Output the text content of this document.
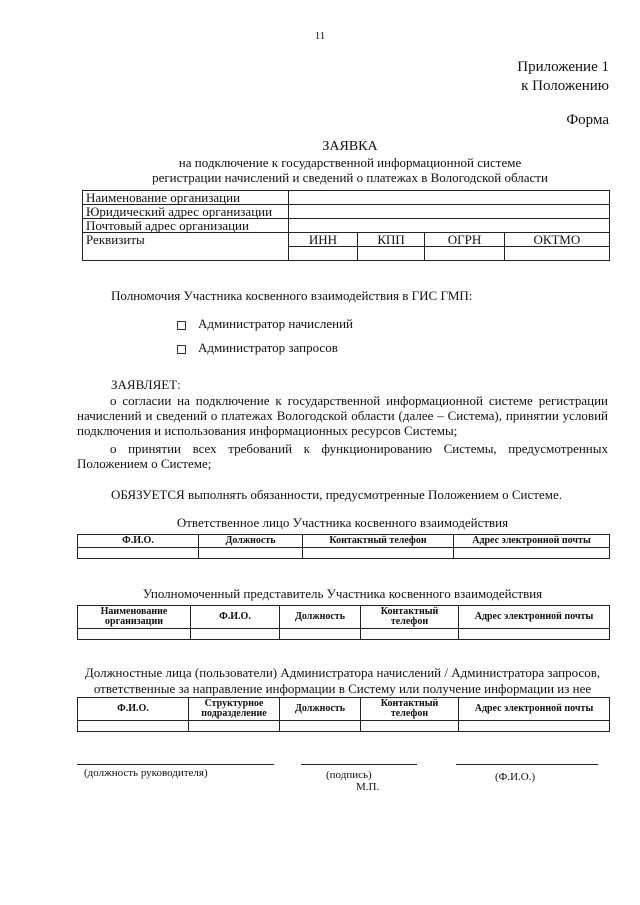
11
Приложение 1
к Положению
Форма
ЗАЯВКА
на подключение к государственной информационной системе
регистрации начислений и сведений о платежах в Вологодской области
Наименование организации				
Юридический адрес организации				
Почтовый адрес организации				
Реквизиты	ИНН	КПП	ОГРН	ОКТМО

Полномочия Участника косвенного взаимодействия в ГИС ГМП:
Администратор начислений
Администратор запросов
ЗАЯВЛЯЕТ:
о согласии на подключение к государственной информационной системе регистрации начислений и сведений о платежах Вологодской области (далее – Система), принятии условий подключения и использования информационных ресурсов Системы;
о принятии всех требований к функционированию Системы, предусмотренных Положением о Системе;
ОБЯЗУЕТСЯ выполнять обязанности, предусмотренные Положением о Системе.
Ответственное лицо Участника косвенного взаимодействия
Ф.И.О.	Должность	Контактный телефон	Адрес электронной почты

Уполномоченный представитель Участника косвенного взаимодействия
Наименование организации	Ф.И.О.	Должность	Контактный телефон	Адрес электронной почты

Должностные лица (пользователи) Администратора начислений / Администратора запросов,
ответственные за направление информации в Систему или получение информации из нее
Ф.И.О.	Структурное подразделение	Должность	Контактный телефон	Адрес электронной почты

(должность руководителя)	(подпись)	(Ф.И.О.)
М.П.
